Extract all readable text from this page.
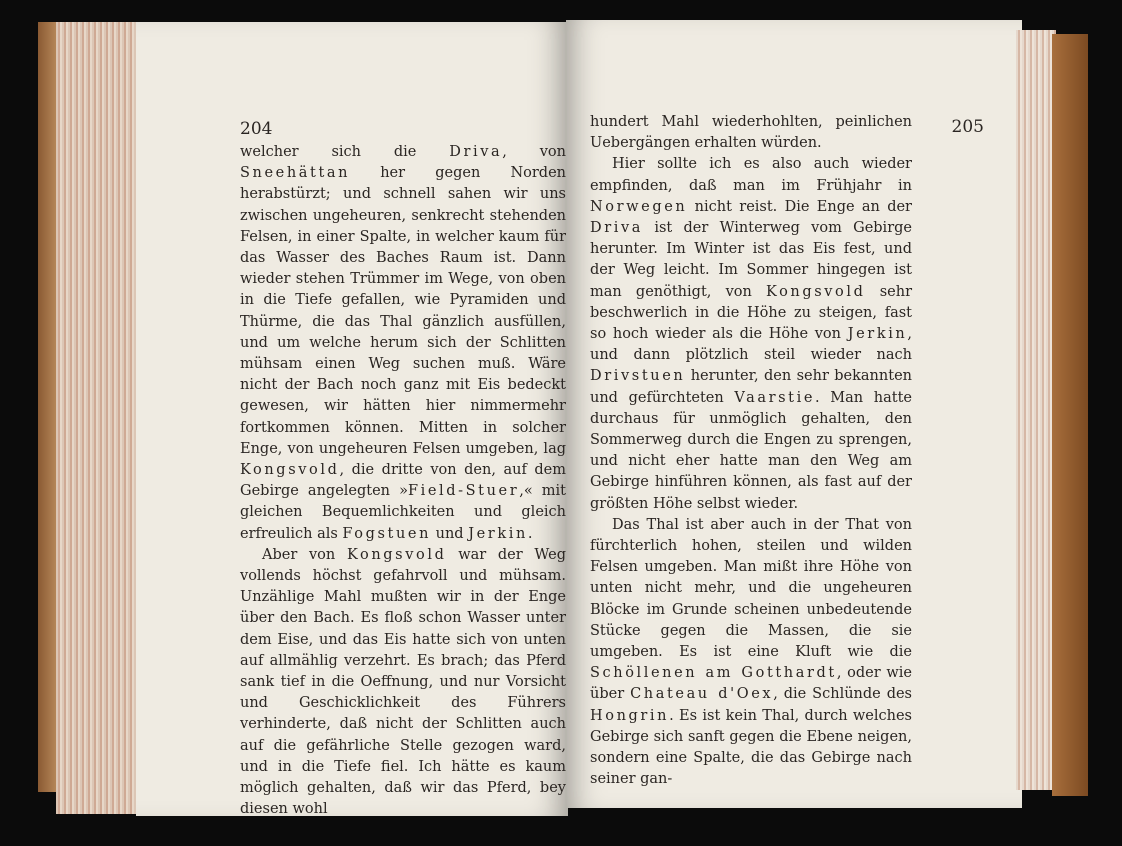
204

welcher sich die Driva, von Sneehättan her gegen Norden herabstürzt; und schnell sahen wir uns zwischen ungeheuren, senkrecht stehenden Felsen, in einer Spalte, in welcher kaum für das Wasser des Baches Raum ist. Dann wieder stehen Trümmer im Wege, von oben in die Tiefe gefallen, wie Pyramiden und Thürme, die das Thal gänzlich ausfüllen, und um welche herum sich der Schlitten mühsam einen Weg suchen muß. Wäre nicht der Bach noch ganz mit Eis bedeckt gewesen, wir hätten hier nimmermehr fortkommen können. Mitten in solcher Enge, von ungeheuren Felsen umgeben, lag Kongsvold, die dritte von den, auf dem Gebirge angelegten »Field-Stuer,« mit gleichen Bequemlichkeiten und gleich erfreulich als Fogstuen und Jerkin.

Aber von Kongsvold war der Weg vollends höchst gefahrvoll und mühsam. Unzählige Mahl mußten wir in der Enge über den Bach. Es floß schon Wasser unter dem Eise, und das Eis hatte sich von unten auf allmählig verzehrt. Es brach; das Pferd sank tief in die Oeffnung, und nur Vorsicht und Geschicklichkeit des Führers verhinderte, daß nicht der Schlitten auch auf die gefährliche Stelle gezogen ward, und in die Tiefe fiel. Ich hätte es kaum möglich gehalten, daß wir das Pferd, bey diesen wohl

205

hundert Mahl wiederhohlten, peinlichen Uebergängen erhalten würden.

Hier sollte ich es also auch wieder empfinden, daß man im Frühjahr in Norwegen nicht reist. Die Enge an der Driva ist der Winterweg vom Gebirge herunter. Im Winter ist das Eis fest, und der Weg leicht. Im Sommer hingegen ist man genöthigt, von Kongsvold sehr beschwerlich in die Höhe zu steigen, fast so hoch wieder als die Höhe von Jerkin, und dann plötzlich steil wieder nach Drivstuen herunter, den sehr bekannten und gefürchteten Vaarstie. Man hatte durchaus für unmöglich gehalten, den Sommerweg durch die Engen zu sprengen, und nicht eher hatte man den Weg am Gebirge hinführen können, als fast auf der größten Höhe selbst wieder.

Das Thal ist aber auch in der That von fürchterlich hohen, steilen und wilden Felsen umgeben. Man mißt ihre Höhe von unten nicht mehr, und die ungeheuren Blöcke im Grunde scheinen unbedeutende Stücke gegen die Massen, die sie umgeben. Es ist eine Kluft wie die Schöllenen am Gotthardt, oder wie über Chateau d'Oex, die Schlünde des Hongrin. Es ist kein Thal, durch welches Gebirge sich sanft gegen die Ebene neigen, sondern eine Spalte, die das Gebirge nach seiner gan-
